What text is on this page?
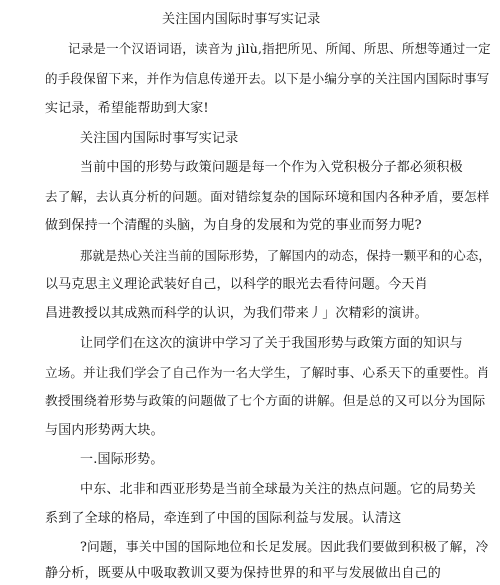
关注国内国际时事写实记录
记录是一个汉语词语，读音为 jìlù,指把所见、所闻、所思、所想等通过一定
的手段保留下来，并作为信息传递开去。以下是小编分享的关注国内国际时事写
实记录，希望能帮助到大家!
关注国内国际时事写实记录
当前中国的形势与政策问题是每一个作为入党积极分子都必须积极
去了解，去认真分析的问题。面对错综复杂的国际环境和国内各种矛盾，要怎样
做到保持一个清醒的头脑，为自身的发展和为党的事业而努力呢?
那就是热心关注当前的国际形势，了解国内的动态，保持一颗平和的心态，
以马克思主义理论武装好自己，以科学的眼光去看待问题。今天肖
昌进教授以其成熟而科学的认识，为我们带来丿」次精彩的演讲。
让同学们在这次的演讲中学习了关于我国形势与政策方面的知识与
立场。并让我们学会了自己作为一名大学生，了解时事、心系天下的重要性。肖
教授围绕着形势与政策的问题做了七个方面的讲解。但是总的又可以分为国际
与国内形势两大块。
一.国际形势。
中东、北非和西亚形势是当前全球最为关注的热点问题。它的局势关
系到了全球的格局，牵连到了中国的国际利益与发展。认清这
?问题，事关中国的国际地位和长足发展。因此我们要做到积极了解，冷
静分析，既要从中吸取教训又要为保持世界的和平与发展做出自己的
